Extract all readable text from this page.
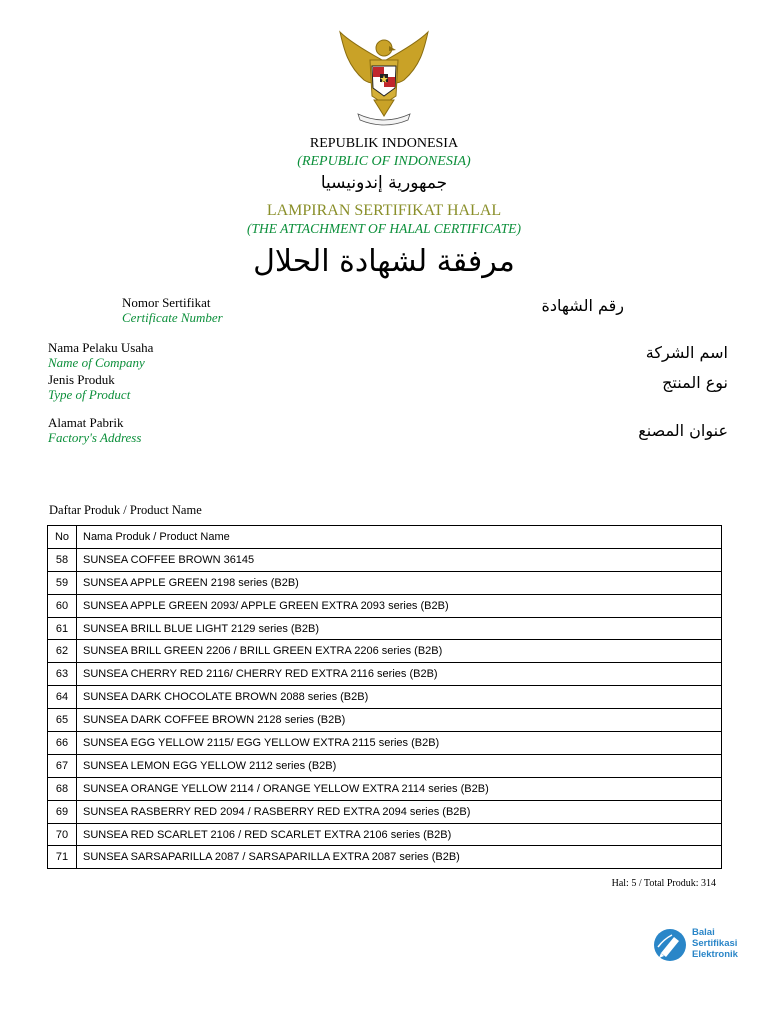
REPUBLIK INDONESIA
(REPUBLIC OF INDONESIA)
جمهورية إندونيسيا
LAMPIRAN SERTIFIKAT HALAL
(THE ATTACHMENT OF HALAL CERTIFICATE)
مرفقة لشهادة الحلال
Nomor Sertifikat
Certificate Number
رقم الشهادة
Nama Pelaku Usaha
Name of Company
اسم الشركة
Jenis Produk
Type of Product
نوع المنتج
Alamat Pabrik
Factory's Address	عنوان المصنع
Daftar Produk / Product Name
No	Nama Produk / Product Name
58	SUNSEA COFFEE BROWN 36145
59	SUNSEA APPLE GREEN 2198 series (B2B)
60	SUNSEA APPLE GREEN 2093/ APPLE GREEN EXTRA 2093 series (B2B)
61	SUNSEA BRILL BLUE LIGHT 2129 series (B2B)
62	SUNSEA BRILL GREEN 2206 / BRILL GREEN EXTRA 2206 series (B2B)
63	SUNSEA CHERRY RED 2116/ CHERRY RED EXTRA 2116 series (B2B)
64	SUNSEA DARK CHOCOLATE BROWN 2088 series (B2B)
65	SUNSEA DARK COFFEE BROWN 2128 series (B2B)
66	SUNSEA EGG YELLOW 2115/ EGG YELLOW EXTRA 2115 series (B2B)
67	SUNSEA LEMON EGG YELLOW 2112 series (B2B)
68	SUNSEA ORANGE YELLOW 2114 / ORANGE YELLOW EXTRA 2114 series (B2B)
69	SUNSEA RASBERRY RED 2094 / RASBERRY RED EXTRA 2094 series (B2B)
70	SUNSEA RED SCARLET 2106 / RED SCARLET EXTRA 2106 series (B2B)
71	SUNSEA SARSAPARILLA 2087 / SARSAPARILLA EXTRA 2087 series (B2B)
Hal: 5 / Total Produk: 314
Balai
Sertifikasi
Elektronik
